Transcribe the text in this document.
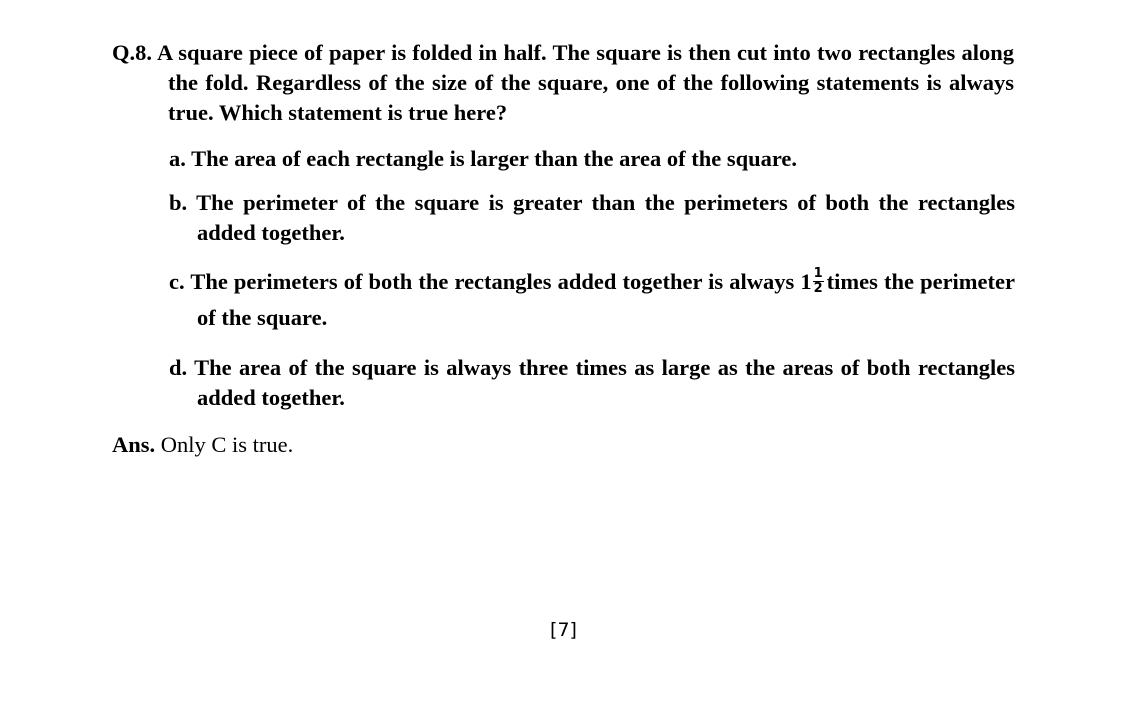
Q.8. A square piece of paper is folded in half. The square is then cut into two rectangles along the fold. Regardless of the size of the square, one of the following statements is always true. Which statement is true here?
a. The area of each rectangle is larger than the area of the square.
b. The perimeter of the square is greater than the perimeters of both the rectangles added together.
c. The perimeters of both the rectangles added together is always $1 \frac{1}{2}$ times the perimeter of the square.
d. The area of the square is always three times as large as the areas of both rectangles added together.
Ans. Only C is true.
[7]
